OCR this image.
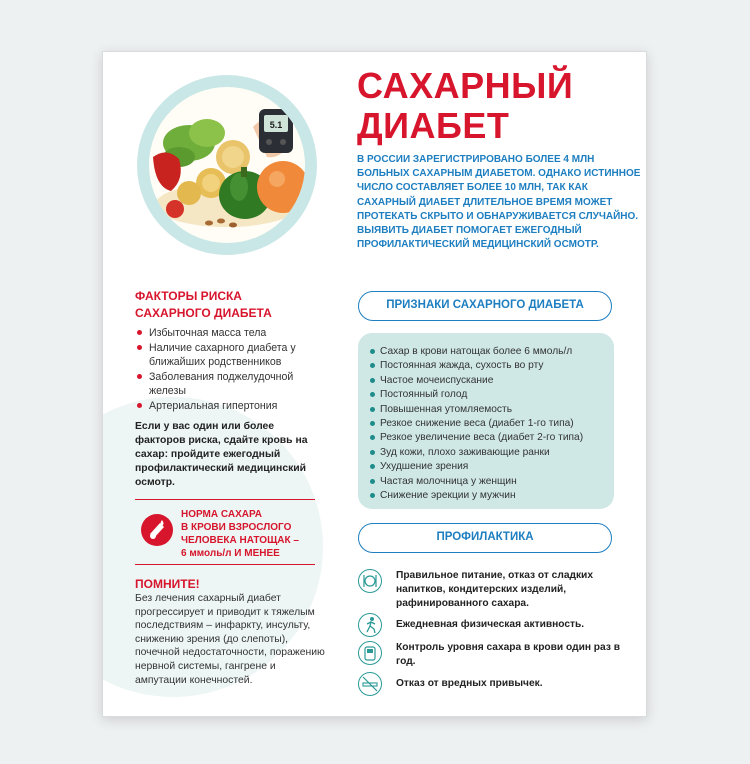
5.1
САХАРНЫЙ
ДИАБЕТ

В РОССИИ ЗАРЕГИСТРИРОВАНО БОЛЕЕ 4 МЛН БОЛЬНЫХ САХАРНЫМ ДИАБЕТОМ. ОДНАКО ИСТИННОЕ ЧИСЛО СОСТАВЛЯЕТ БОЛЕЕ 10 МЛН, ТАК КАК САХАРНЫЙ ДИАБЕТ ДЛИТЕЛЬНОЕ ВРЕМЯ МОЖЕТ ПРОТЕКАТЬ СКРЫТО И ОБНАРУЖИВАЕТСЯ СЛУЧАЙНО. ВЫЯВИТЬ ДИАБЕТ ПОМОГАЕТ ЕЖЕГОДНЫЙ ПРОФИЛАКТИЧЕСКИЙ МЕДИЦИНСКИЙ ОСМОТР.

ФАКТОРЫ РИСКА
САХАРНОГО ДИАБЕТА
Избыточная масса тела
Наличие сахарного диабета у ближайших родственников
Заболевания поджелудочной железы
Артериальная гипертония

Если у вас один или более факторов риска, сдайте кровь на сахар: пройдите ежегодный профилактический медицинский осмотр.

НОРМА САХАРА
В КРОВИ ВЗРОСЛОГО
ЧЕЛОВЕКА НАТОЩАК –
6 ммоль/л И МЕНЕЕ

ПОМНИТЕ!

Без лечения сахарный диабет прогрессирует и приводит к тяжелым последствиям – инфаркту, инсульту, снижению зрения (до слепоты), почечной недостаточности, поражению нервной системы, гангрене и ампутации конечностей.

ПРИЗНАКИ САХАРНОГО ДИАБЕТА
Сахар в крови натощак более 6 ммоль/л
Постоянная жажда, сухость во рту
Частое мочеиспускание
Постоянный голод
Повышенная утомляемость
Резкое снижение веса (диабет 1-го типа)
Резкое увеличение веса (диабет 2-го типа)
Зуд кожи, плохо заживающие ранки
Ухудшение зрения
Частая молочница у женщин
Снижение эрекции у мужчин
ПРОФИЛАКТИКА

Правильное питание, отказ от сладких напитков, кондитерских изделий, рафинированного сахара.

Ежедневная физическая активность.

Контроль уровня сахара в крови один раз в год.

Отказ от вредных привычек.
